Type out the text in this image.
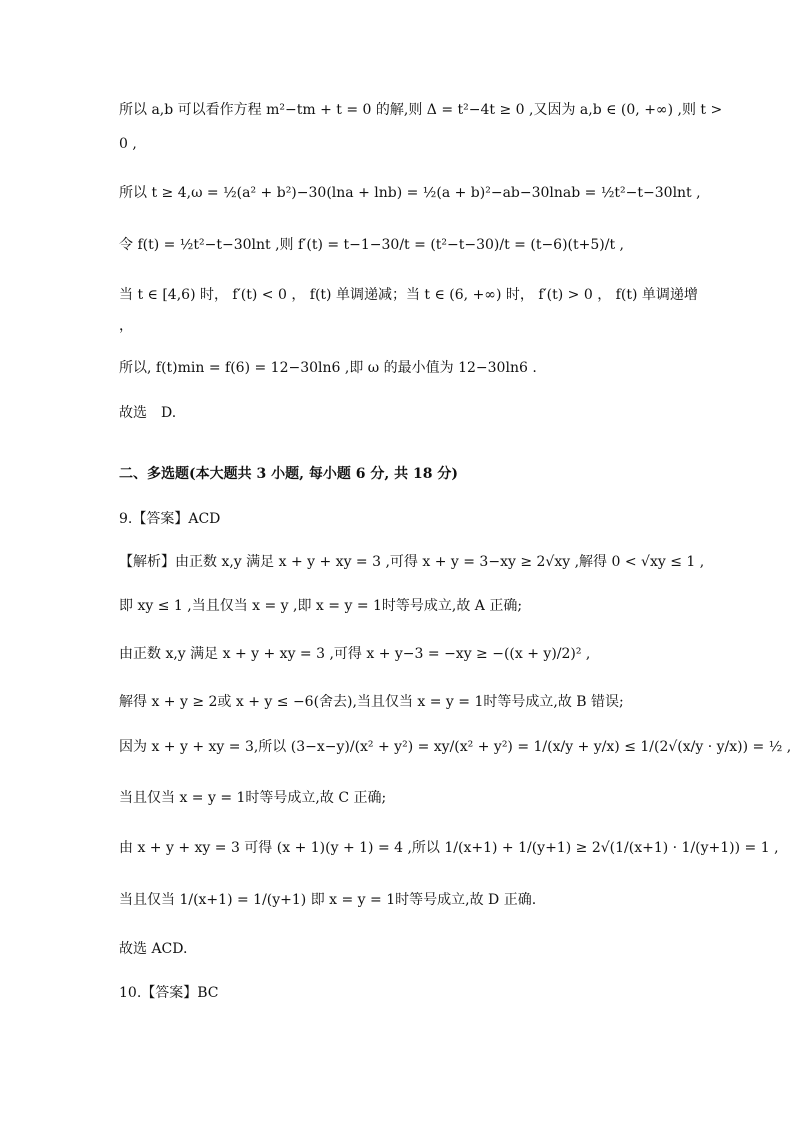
所以 a,b 可以看作方程 m²−tm + t = 0 的解,则 Δ = t²−4t ≥ 0 ,又因为 a,b ∈ (0, +∞) ,则 t >
0 ,
所以 t ≥ 4,ω = ½(a² + b²)−30(lna + lnb) = ½(a + b)²−ab−30lnab = ½t²−t−30lnt ,
令 f(t) = ½t²−t−30lnt ,则 f′(t) = t−1−30/t = (t²−t−30)/t = (t−6)(t+5)/t ,
当 t ∈ [4,6) 时， f′(t) < 0 ， f(t) 单调递减；当 t ∈ (6, +∞) 时， f′(t) > 0 ， f(t) 单调递增
，
所以, f(t)min = f(6) = 12−30ln6 ,即 ω 的最小值为 12−30ln6 .
故选　D.
二、多选题(本大题共 3 小题, 每小题 6 分, 共 18 分)
9.【答案】ACD
【解析】由正数 x,y 满足 x + y + xy = 3 ,可得 x + y = 3−xy ≥ 2√xy ,解得 0 < √xy ≤ 1 ,
即 xy ≤ 1 ,当且仅当 x = y ,即 x = y = 1时等号成立,故 A 正确;
由正数 x,y 满足 x + y + xy = 3 ,可得 x + y−3 = −xy ≥ −((x + y)/2)² ,
解得 x + y ≥ 2或 x + y ≤ −6(舍去),当且仅当 x = y = 1时等号成立,故 B 错误;
因为 x + y + xy = 3,所以 (3−x−y)/(x² + y²) = xy/(x² + y²) = 1/(x/y + y/x) ≤ 1/(2√(x/y · y/x)) = ½ ,
当且仅当 x = y = 1时等号成立,故 C 正确;
由 x + y + xy = 3 可得 (x + 1)(y + 1) = 4 ,所以 1/(x+1) + 1/(y+1) ≥ 2√(1/(x+1) · 1/(y+1)) = 1 ,
当且仅当 1/(x+1) = 1/(y+1) 即 x = y = 1时等号成立,故 D 正确.
故选 ACD.
10.【答案】BC
